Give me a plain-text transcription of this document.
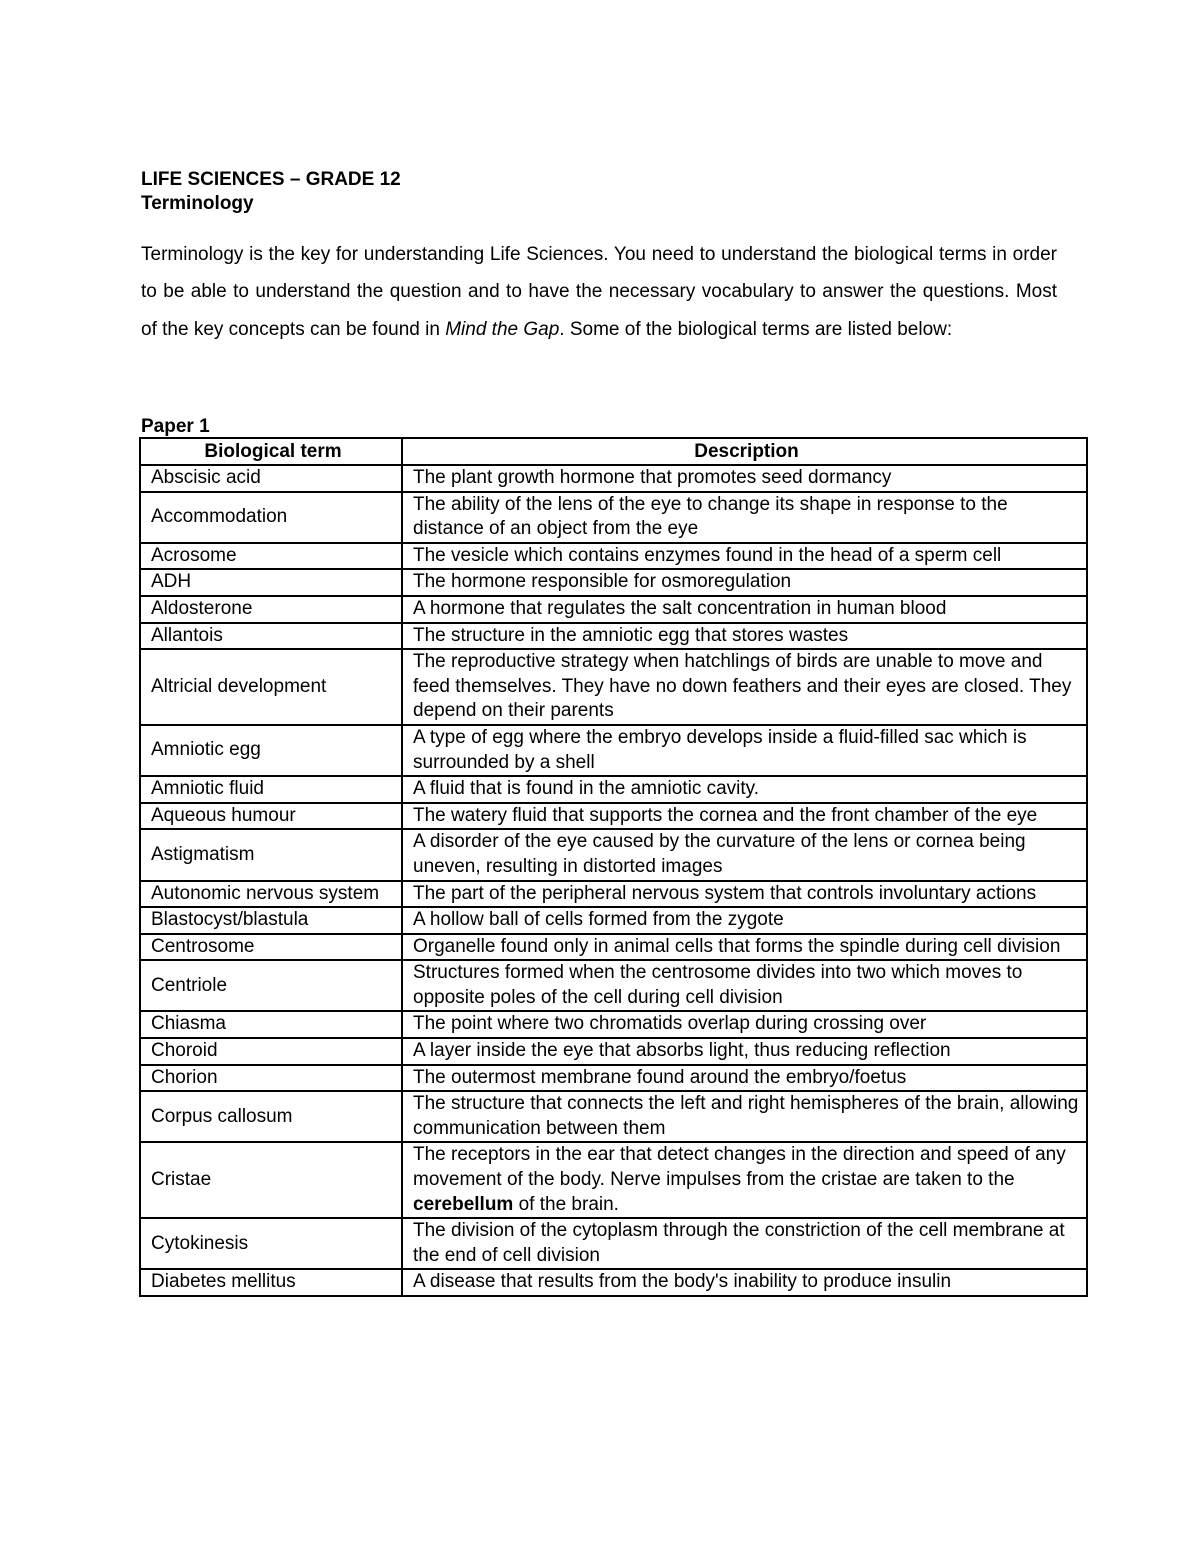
LIFE SCIENCES – GRADE 12
Terminology

Terminology is the key for understanding Life Sciences. You need to understand the biological terms in order to be able to understand the question and to have the necessary vocabulary to answer the questions. Most of the key concepts can be found in Mind the Gap. Some of the biological terms are listed below:

Paper 1
Biological term	Description
Abscisic acid	The plant growth hormone that promotes seed dormancy
Accommodation	The ability of the lens of the eye to change its shape in response to the distance of an object from the eye
Acrosome	The vesicle which contains enzymes found in the head of a sperm cell
ADH	The hormone responsible for osmoregulation
Aldosterone	A hormone that regulates the salt concentration in human blood
Allantois	The structure in the amniotic egg that stores wastes
Altricial development	The reproductive strategy when hatchlings of birds are unable to move and feed themselves. They have no down feathers and their eyes are closed. They depend on their parents
Amniotic egg	A type of egg where the embryo develops inside a fluid-filled sac which is surrounded by a shell
Amniotic fluid	A fluid that is found in the amniotic cavity.
Aqueous humour	The watery fluid that supports the cornea and the front chamber of the eye
Astigmatism	A disorder of the eye caused by the curvature of the lens or cornea being uneven, resulting in distorted images
Autonomic nervous system	The part of the peripheral nervous system that controls involuntary actions
Blastocyst/blastula	A hollow ball of cells formed from the zygote
Centrosome	Organelle found only in animal cells that forms the spindle during cell division
Centriole	Structures formed when the centrosome divides into two which moves to opposite poles of the cell during cell division
Chiasma	The point where two chromatids overlap during crossing over
Choroid	A layer inside the eye that absorbs light, thus reducing reflection
Chorion	The outermost membrane found around the embryo/foetus
Corpus callosum	The structure that connects the left and right hemispheres of the brain, allowing communication between them
Cristae	The receptors in the ear that detect changes in the direction and speed of any movement of the body. Nerve impulses from the cristae are taken to the cerebellum of the brain.
Cytokinesis	The division of the cytoplasm through the constriction of the cell membrane at the end of cell division
Diabetes mellitus	A disease that results from the body's inability to produce insulin
